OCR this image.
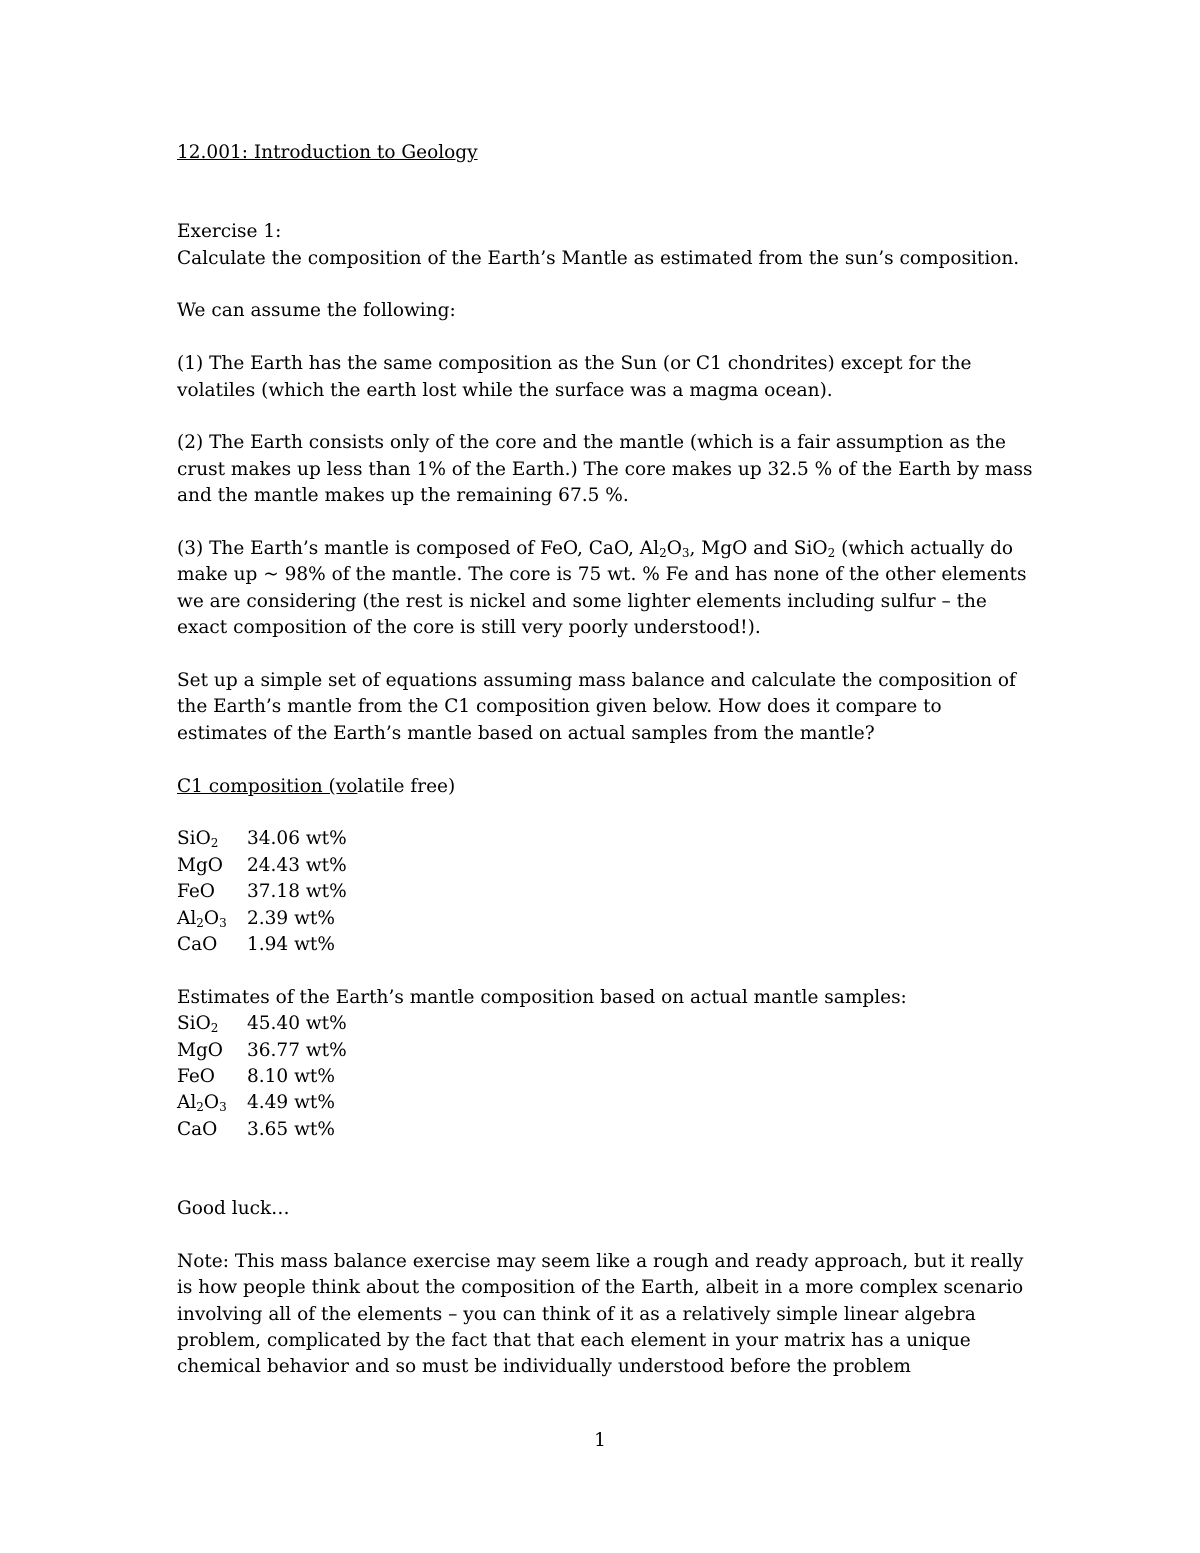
12.001: Introduction to Geology

Exercise 1:

Calculate the composition of the Earth’s Mantle as estimated from the sun’s composition.

We can assume the following:

(1) The Earth has the same composition as the Sun (or C1 chondrites) except for the volatiles (which the earth lost while the surface was a magma ocean).

(2) The Earth consists only of the core and the mantle (which is a fair assumption as the crust makes up less than 1% of the Earth.) The core makes up 32.5 % of the Earth by mass and the mantle makes up the remaining 67.5 %.

(3) The Earth’s mantle is composed of FeO, CaO, $Al_2O_3$, MgO and SiO$_2$ (which actually do make up ~ 98% of the mantle. The core is 75 wt. % Fe and has none of the other elements we are considering (the rest is nickel and some lighter elements including sulfur – the exact composition of the core is still very poorly understood!).

Set up a simple set of equations assuming mass balance and calculate the composition of the Earth’s mantle from the C1 composition given below. How does it compare to estimates of the Earth’s mantle based on actual samples from the mantle?

C1 composition (volatile free)

SiO$_2$	34.06 wt%
MgO	24.43 wt%
FeO	37.18 wt%
$Al_2O_3$	2.39 wt%
CaO	1.94 wt%

Estimates of the Earth’s mantle composition based on actual mantle samples:

SiO$_2$	45.40 wt%
MgO	36.77 wt%
FeO	8.10 wt%
$Al_2O_3$	4.49 wt%
CaO	3.65 wt%

Good luck…

Note: This mass balance exercise may seem like a rough and ready approach, but it really is how people think about the composition of the Earth, albeit in a more complex scenario involving all of the elements – you can think of it as a relatively simple linear algebra problem, complicated by the fact that that each element in your matrix has a unique chemical behavior and so must be individually understood before the problem

1
